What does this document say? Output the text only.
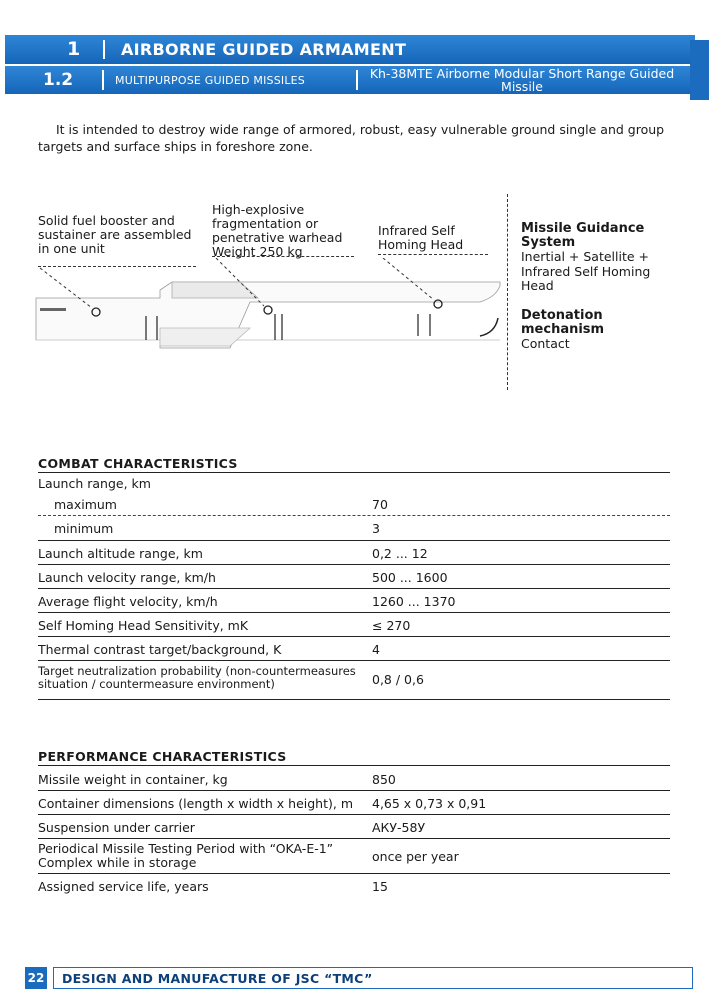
1	AIRBORNE GUIDED ARMAMENT
1.2	MULTIPURPOSE GUIDED MISSILES	Kh-38MTE Airborne Modular Short Range Guided Missile

It is intended to destroy wide range of armored, robust, easy vulnerable ground single and group targets and surface ships in foreshore zone.

Solid fuel booster and sustainer are assembled in one unit

High-explosive fragmentation or penetrative warhead Weight 250 kg

Infrared Self Homing Head

Missile Guidance System
Inertial + Satellite + Infrared Self Homing Head
Detonation mechanism
Contact

COMBAT CHARACTERISTICS

Launch range, km
maximum	70
minimum	3
Launch altitude range, km	0,2 ... 12
Launch velocity range, km/h	500 ... 1600
Average flight velocity, km/h	1260 ... 1370
Self Homing Head Sensitivity, mK	≤ 270
Thermal contrast target/background, K	4
Target neutralization probability (non-countermeasures situation / countermeasure environment)	0,8 / 0,6

PERFORMANCE CHARACTERISTICS

Missile weight in container, kg	850
Container dimensions (length x width x height), m 4,65 x 0,73 x 0,91
Suspension under carrier	АКУ-58У
Periodical Missile Testing Period with “OKA-E-1” Complex while in storage	once per year
Assigned service life, years	15
22 DESIGN AND MANUFACTURE OF JSC “TMC”
